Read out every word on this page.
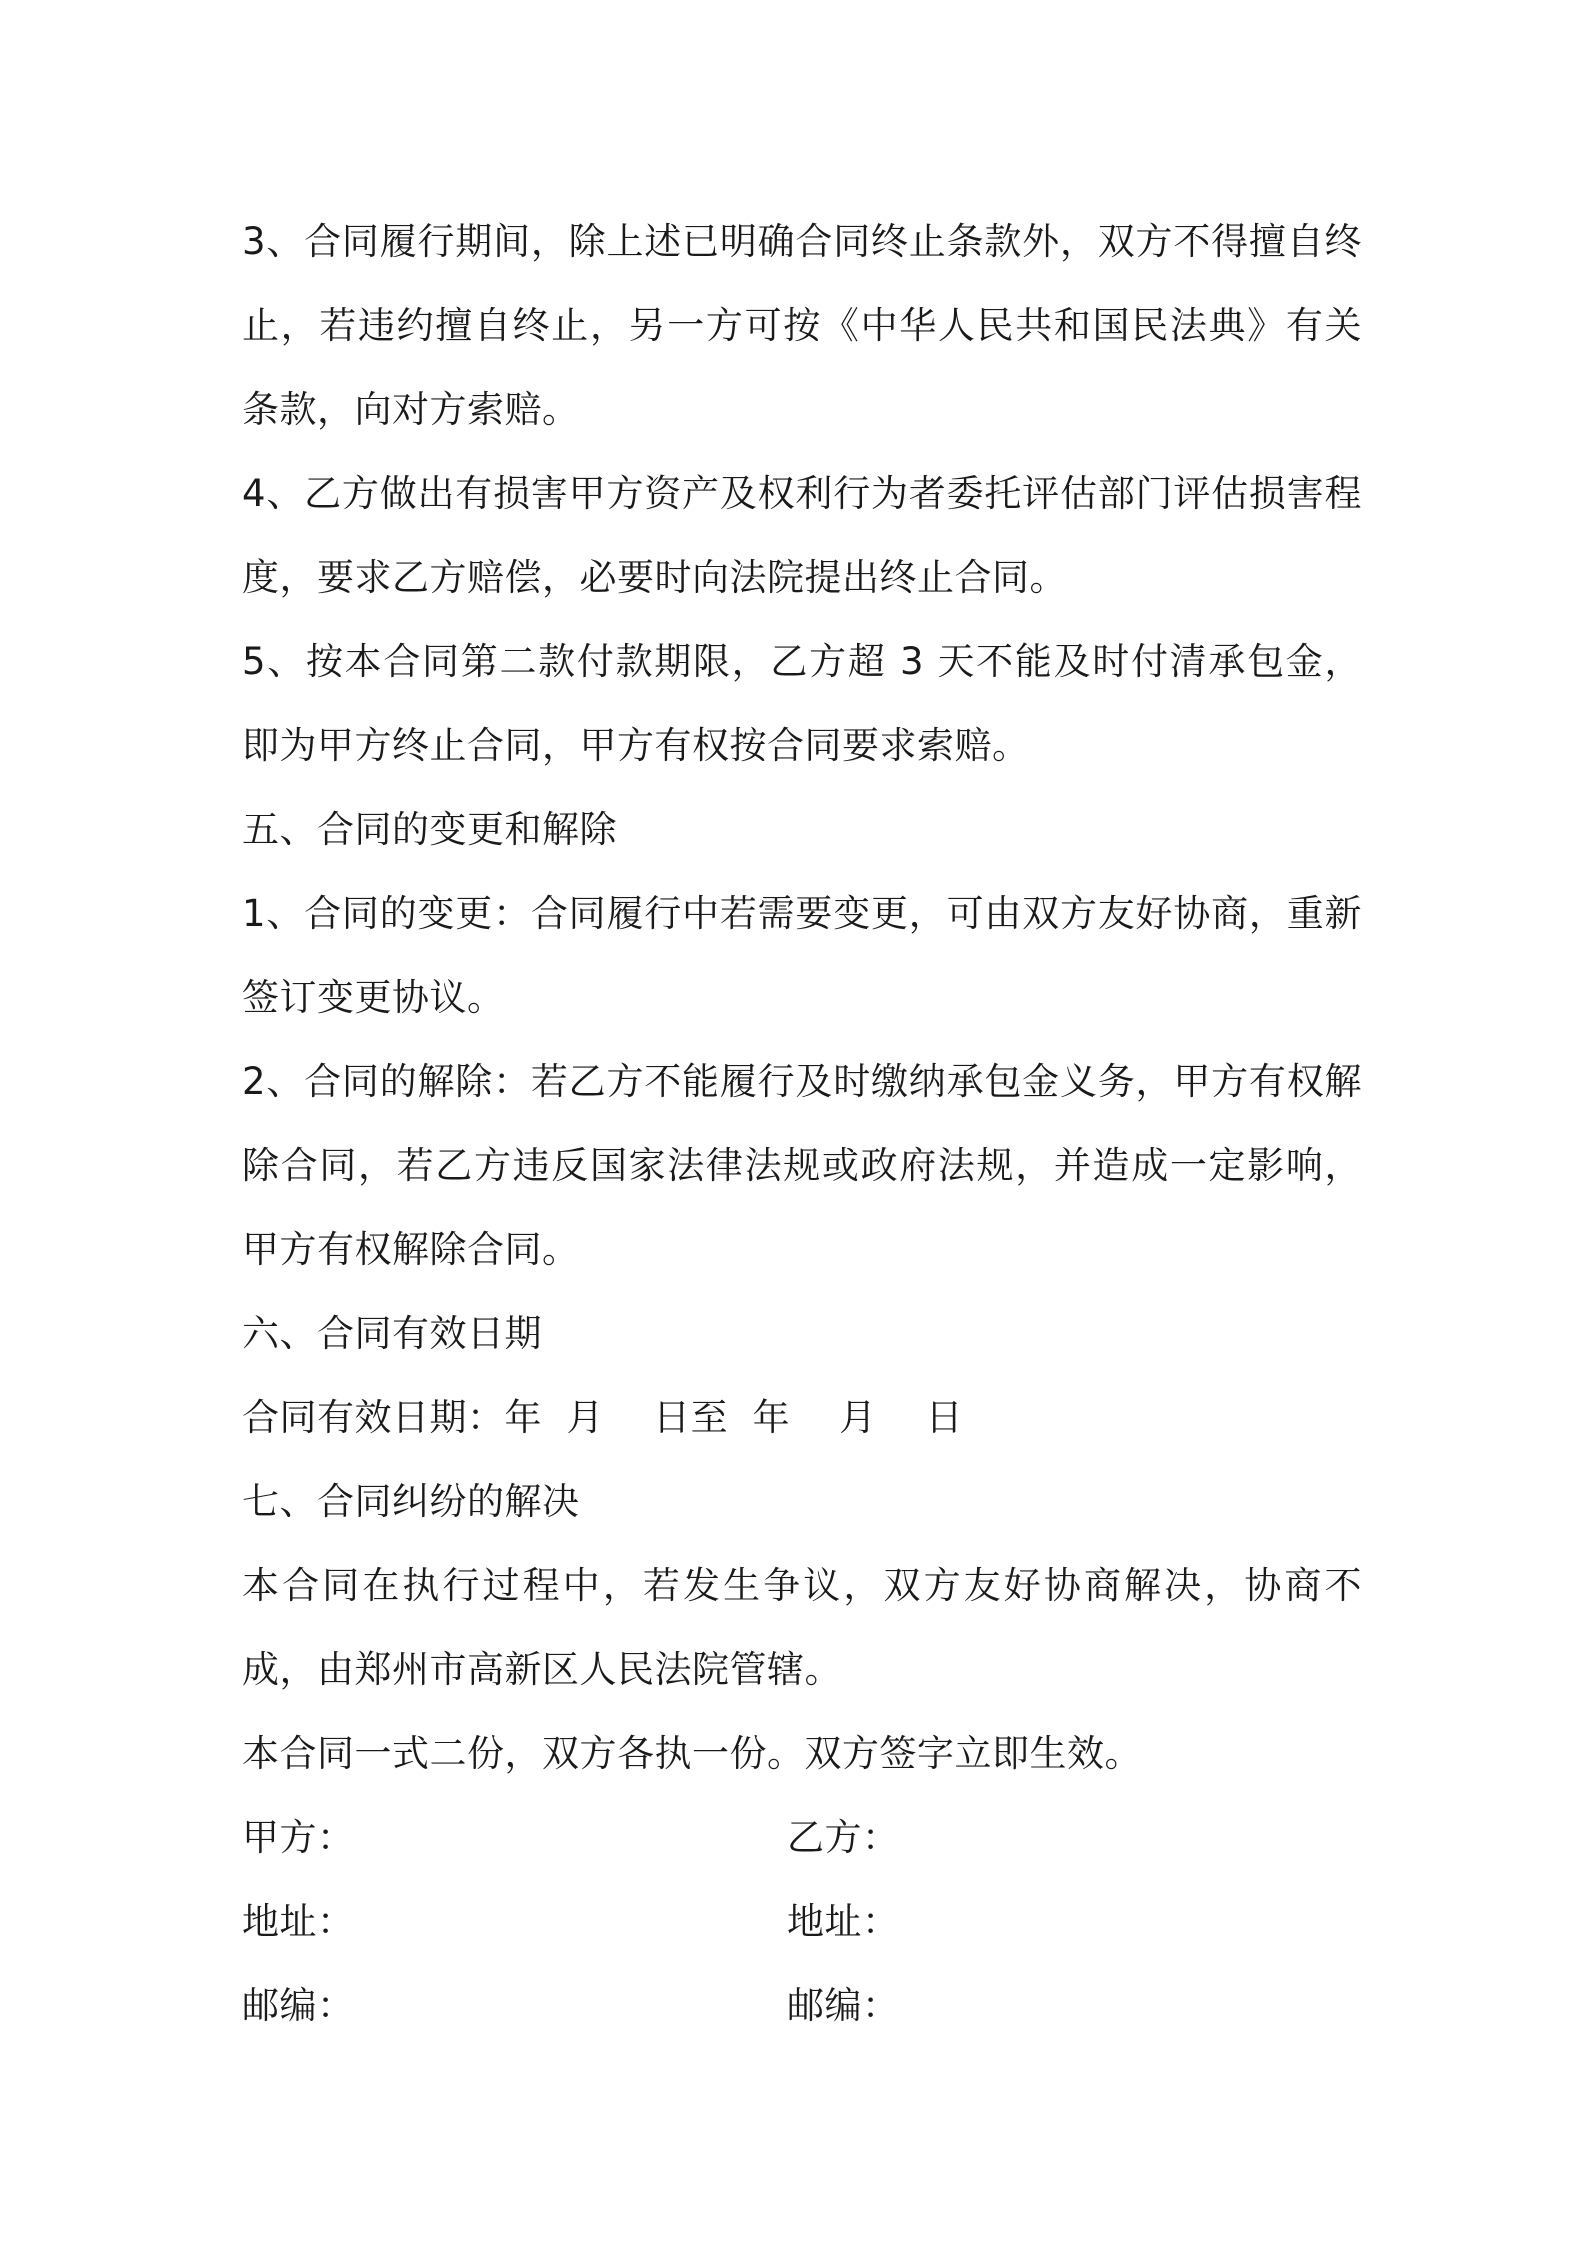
3、合同履行期间，除上述已明确合同终止条款外，双方不得擅自终止，若违约擅自终止，另一方可按《中华人民共和国民法典》有关条款，向对方索赔。

4、乙方做出有损害甲方资产及权利行为者委托评估部门评估损害程度，要求乙方赔偿，必要时向法院提出终止合同。

5、按本合同第二款付款期限，乙方超 3 天不能及时付清承包金，即为甲方终止合同，甲方有权按合同要求索赔。

五、合同的变更和解除

1、合同的变更：合同履行中若需要变更，可由双方友好协商，重新签订变更协议。

2、合同的解除：若乙方不能履行及时缴纳承包金义务，甲方有权解除合同，若乙方违反国家法律法规或政府法规，并造成一定影响，甲方有权解除合同。

六、合同有效日期

合同有效日期：年  月    日至  年    月    日

七、合同纠纷的解决

本合同在执行过程中，若发生争议，双方友好协商解决，协商不成，由郑州市高新区人民法院管辖。

本合同一式二份，双方各执一份。双方签字立即生效。

甲方：	乙方：
地址：	地址：
邮编：	邮编：
